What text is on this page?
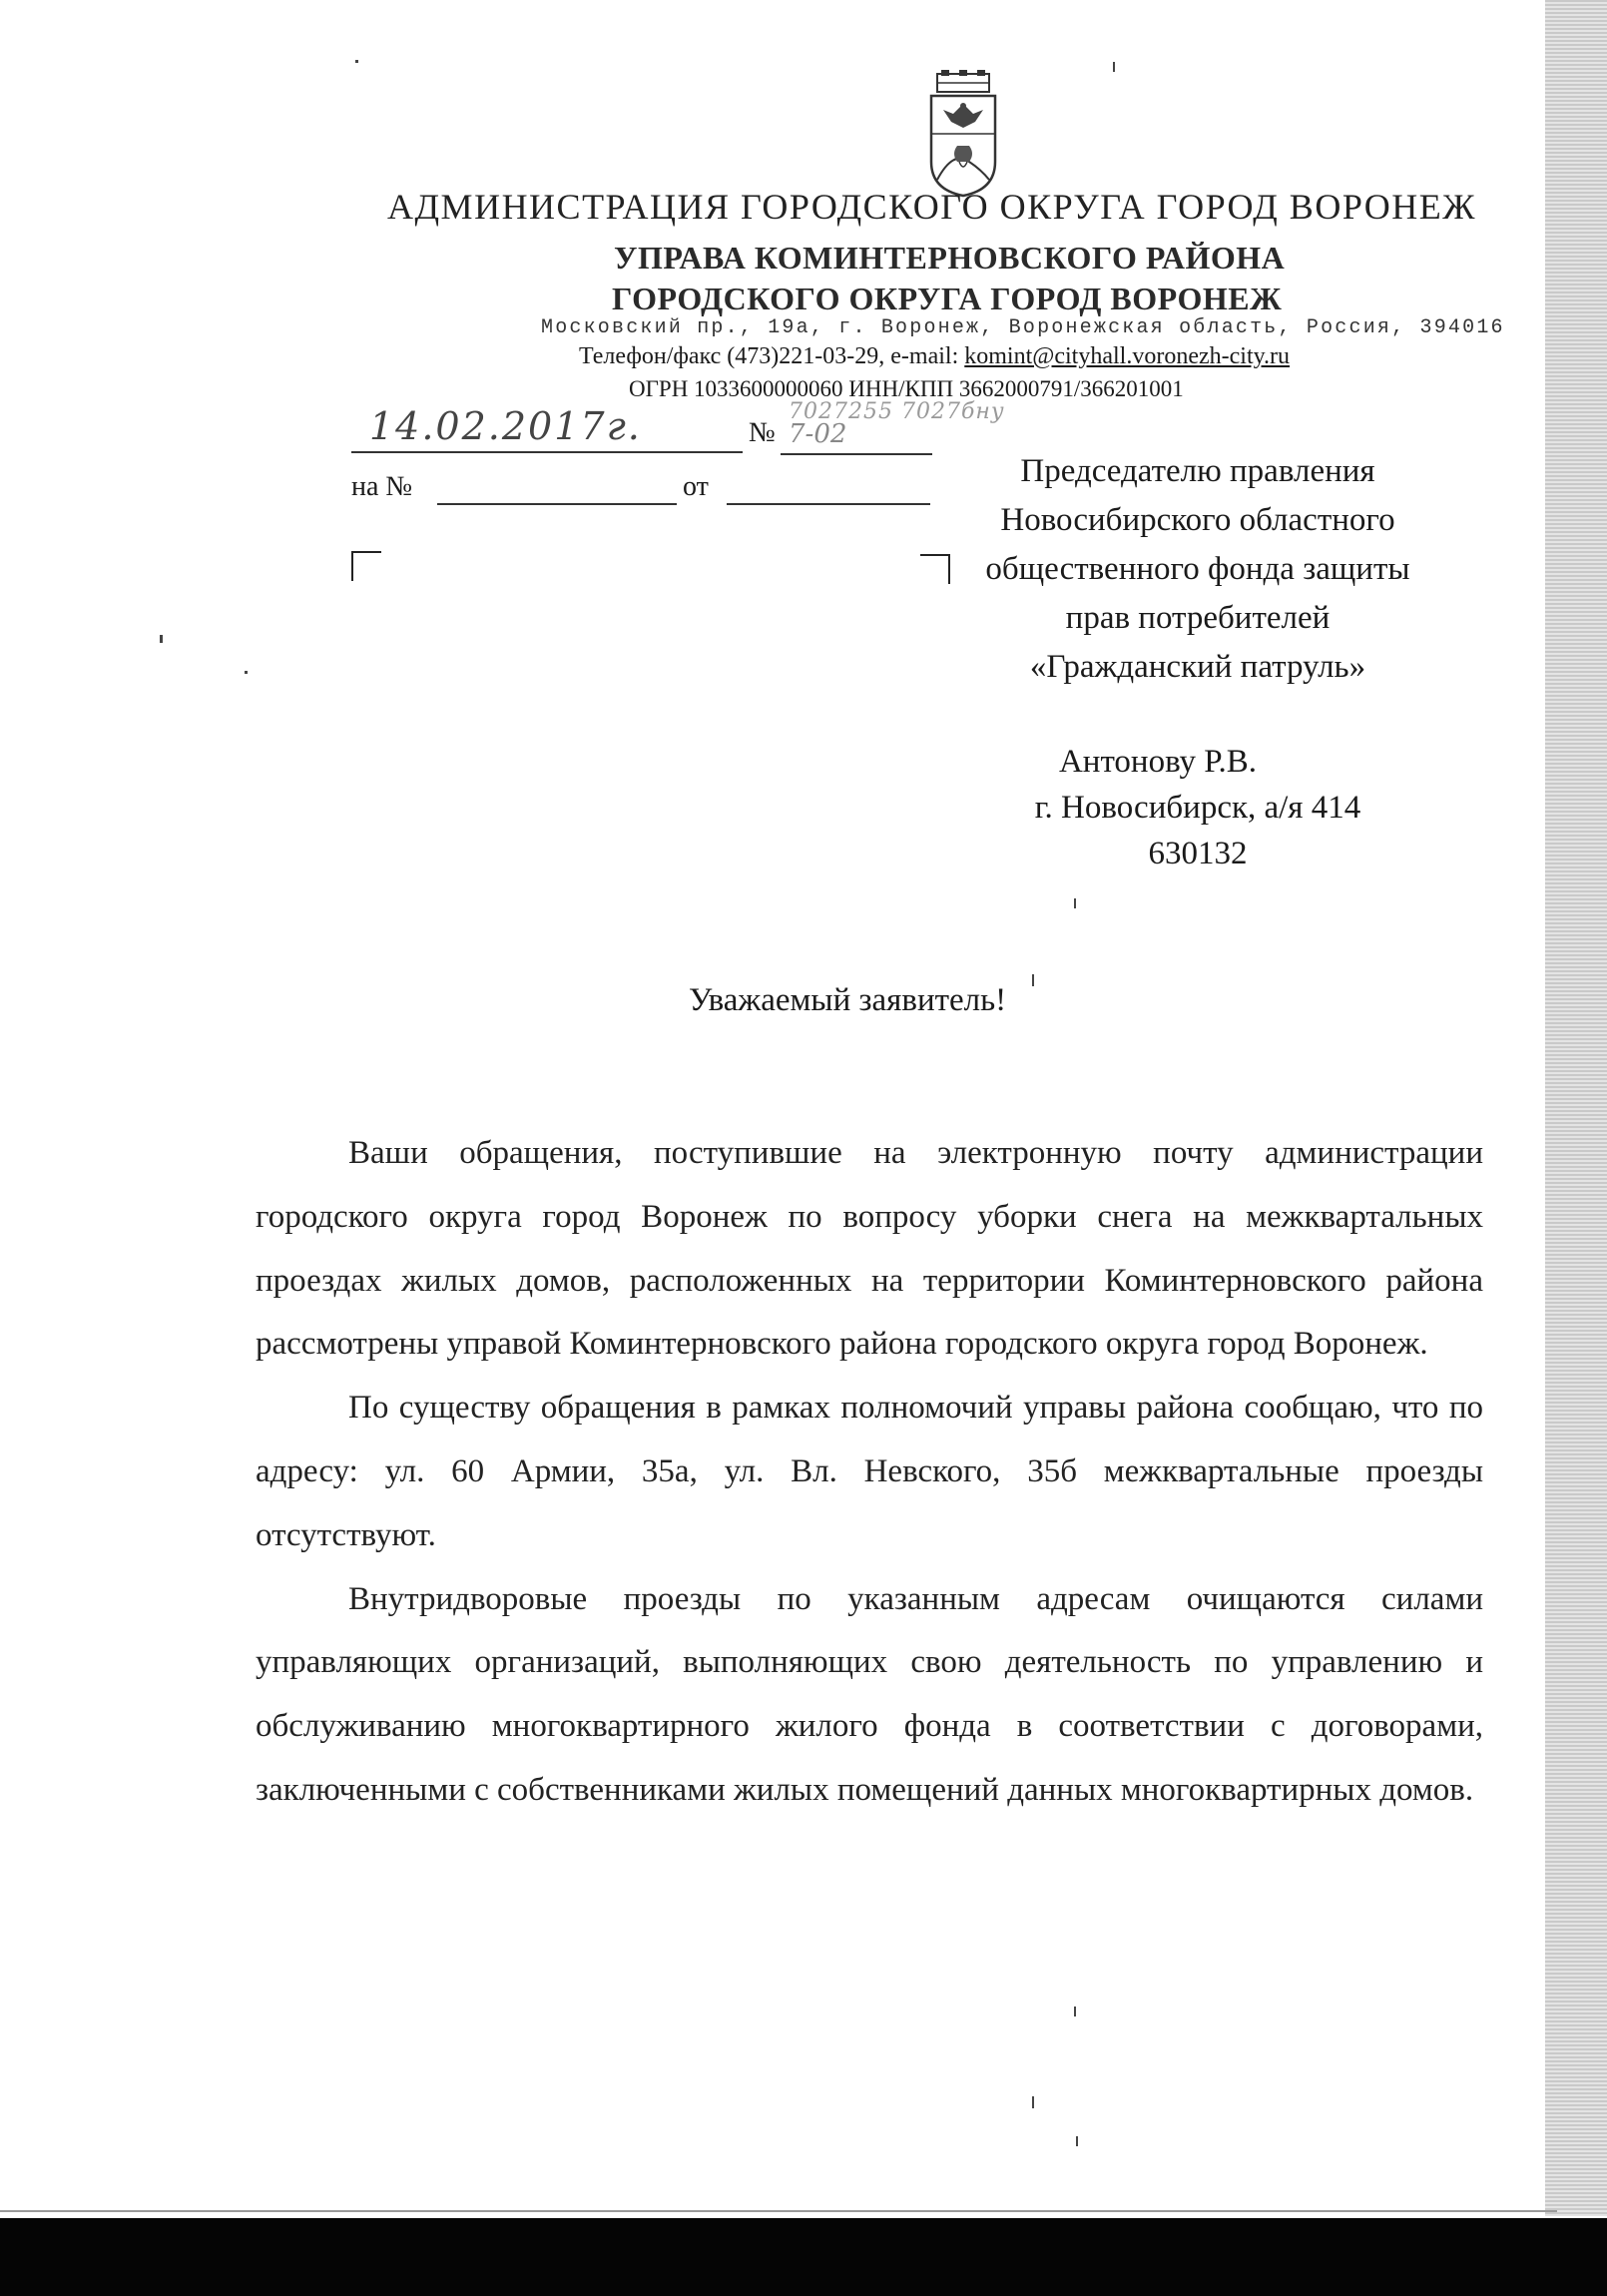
АДМИНИСТРАЦИЯ ГОРОДСКОГО ОКРУГА ГОРОД ВОРОНЕЖ
УПРАВА КОМИНТЕРНОВСКОГО РАЙОНА
ГОРОДСКОГО ОКРУГА ГОРОД ВОРОНЕЖ
Московский пр., 19а, г. Воронеж, Воронежская область, Россия, 394016
Телефон/факс (473)221-03-29, e-mail: komint@cityhall.voronezh-city.ru
ОГРН 1033600000060 ИНН/КПП 3662000791/366201001
14.02.2017г.	№
7027255 7027бну
7-02
на №	от	Председателю правления
Новосибирского областного
общественного фонда защиты
прав потребителей
«Гражданский патруль»
Антонову Р.В.
г. Новосибирск, а/я 414
630132
Уважаемый заявитель!

Ваши обращения, поступившие на электронную почту администрации городского округа город Воронеж по вопросу уборки снега на межквартальных проездах жилых домов, расположенных на территории Коминтерновского района рассмотрены управой Коминтерновского района городского округа город Воронеж.

По существу обращения в рамках полномочий управы района сообщаю, что по адресу: ул. 60 Армии, 35а, ул. Вл. Невского, 35б межквартальные проезды отсутствуют.

Внутридворовые проезды по указанным адресам очищаются силами управляющих организаций, выполняющих свою деятельность по управлению и обслуживанию многоквартирного жилого фонда в соответствии с договорами, заключенными с собственниками жилых помещений данных многоквартирных домов.
